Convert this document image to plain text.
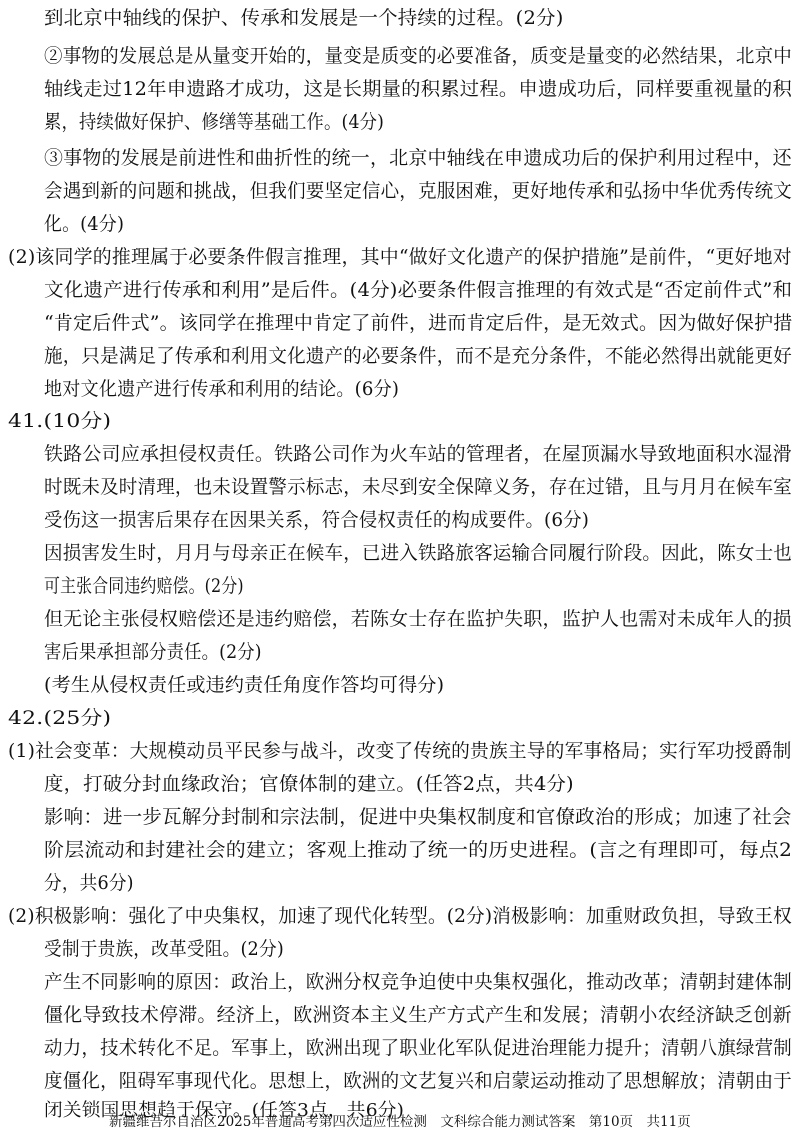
到北京中轴线的保护、传承和发展是一个持续的过程。(2分)
②事物的发展总是从量变开始的，量变是质变的必要准备，质变是量变的必然结果，北京中
轴线走过12年申遗路才成功，这是长期量的积累过程。申遗成功后，同样要重视量的积
累，持续做好保护、修缮等基础工作。(4分)
③事物的发展是前进性和曲折性的统一，北京中轴线在申遗成功后的保护利用过程中，还
会遇到新的问题和挑战，但我们要坚定信心，克服困难，更好地传承和弘扬中华优秀传统文
化。(4分)
(2)该同学的推理属于必要条件假言推理，其中“做好文化遗产的保护措施”是前件，“更好地对
文化遗产进行传承和利用”是后件。(4分)必要条件假言推理的有效式是“否定前件式”和
“肯定后件式”。该同学在推理中肯定了前件，进而肯定后件，是无效式。因为做好保护措
施，只是满足了传承和利用文化遗产的必要条件，而不是充分条件，不能必然得出就能更好
地对文化遗产进行传承和利用的结论。(6分)
41.(10分)
铁路公司应承担侵权责任。铁路公司作为火车站的管理者，在屋顶漏水导致地面积水湿滑
时既未及时清理，也未设置警示标志，未尽到安全保障义务，存在过错，且与月月在候车室
受伤这一损害后果存在因果关系，符合侵权责任的构成要件。(6分)
因损害发生时，月月与母亲正在候车，已进入铁路旅客运输合同履行阶段。因此，陈女士也
可主张合同违约赔偿。(2分)
但无论主张侵权赔偿还是违约赔偿，若陈女士存在监护失职，监护人也需对未成年人的损
害后果承担部分责任。(2分)
(考生从侵权责任或违约责任角度作答均可得分)
42.(25分)
(1)社会变革：大规模动员平民参与战斗，改变了传统的贵族主导的军事格局；实行军功授爵制
度，打破分封血缘政治；官僚体制的建立。(任答2点，共4分)
影响：进一步瓦解分封制和宗法制，促进中央集权制度和官僚政治的形成；加速了社会
阶层流动和封建社会的建立；客观上推动了统一的历史进程。(言之有理即可，每点2
分，共6分)
(2)积极影响：强化了中央集权，加速了现代化转型。(2分)消极影响：加重财政负担，导致王权
受制于贵族，改革受阻。(2分)
产生不同影响的原因：政治上，欧洲分权竞争迫使中央集权强化，推动改革；清朝封建体制
僵化导致技术停滞。经济上，欧洲资本主义生产方式产生和发展；清朝小农经济缺乏创新
动力，技术转化不足。军事上，欧洲出现了职业化军队促进治理能力提升；清朝八旗绿营制
度僵化，阻碍军事现代化。思想上，欧洲的文艺复兴和启蒙运动推动了思想解放；清朝由于
闭关锁国思想趋于保守。(任答3点，共6分)
新疆维吾尔自治区2025年普通高考第四次适应性检测　文科综合能力测试答案　第10页　共11页
